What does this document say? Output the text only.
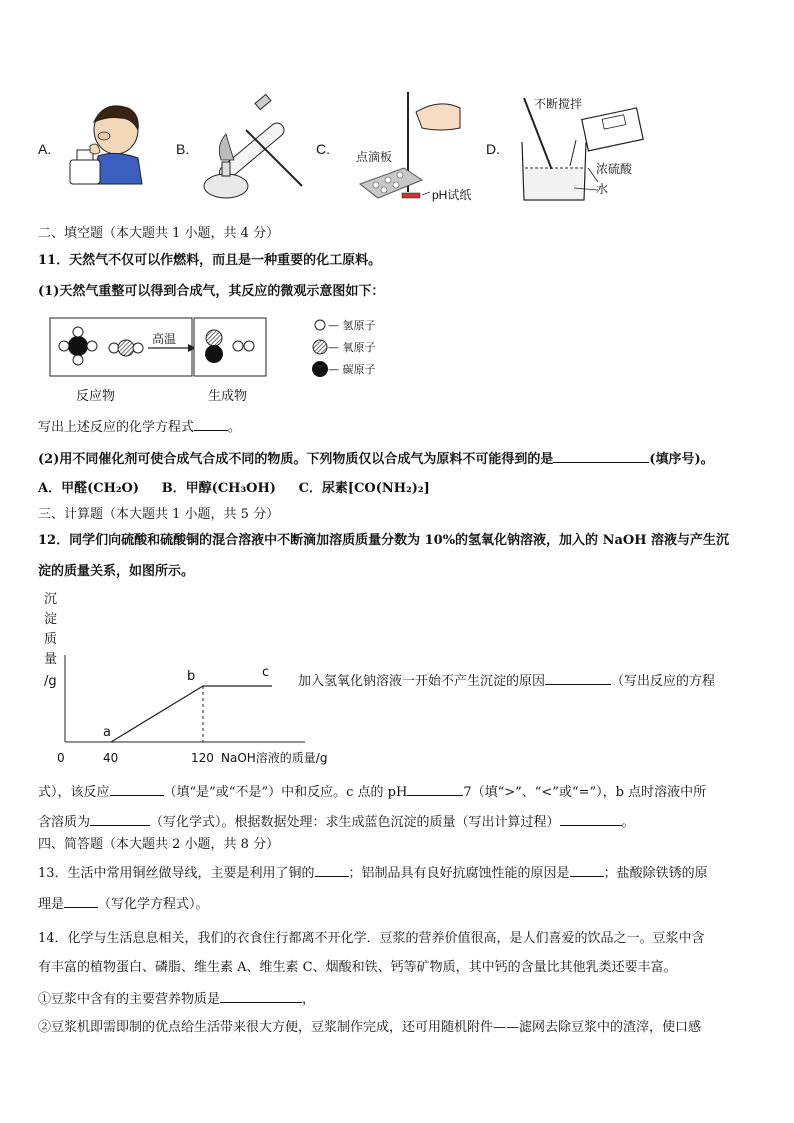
A.	B.	C. 点滴板
pH试纸
D.
不断搅拌
浓硫酸
水
二、填空题（本大题共 1 小题，共 4 分）
11．天然气不仅可以作燃料，而且是一种重要的化工原料。
(1)天然气重整可以得到合成气，其反应的微观示意图如下：
高温
— 氢原子
— 氧原子
— 碳原子
反应物	生成物
写出上述反应的化学方程式	。
(2)用不同催化剂可使合成气合成不同的物质。下列物质仅以合成气为原料不可能得到的是	(填序号)。
A．甲醛(CH₂O) B．甲醇(CH₃OH) C．尿素[CO(NH₂)₂]
三、计算题（本大题共 1 小题，共 5 分）
12．同学们向硫酸和硫酸铜的混合溶液中不断滴加溶质质量分数为 10%的氢氧化钠溶液，加入的 NaOH 溶液与产生沉
淀的质量关系，如图所示。
沉
淀
质
量
/g
0	40	120 NaOH溶液的质量/g
a
b	c
加入氢氧化钠溶液一开始不产生沉淀的原因	（写出反应的方程
式），该反应	（填“是”或“不是”）中和反应。c 点的 pH	7（填“>”、“<”或“=”），b 点时溶液中所
含溶质为	（写化学式）。根据数据处理：求生成蓝色沉淀的质量（写出计算过程）	。
四、简答题（本大题共 2 小题，共 8 分）
13．生活中常用铜丝做导线，主要是利用了铜的	；铝制品具有良好抗腐蚀性能的原因是	；盐酸除铁锈的原
理是	（写化学方程式）。
14．化学与生活息息相关，我们的衣食住行都离不开化学．豆浆的营养价值很高，是人们喜爱的饮品之一。豆浆中含
有丰富的植物蛋白、磷脂、维生素 A、维生素 C、烟酸和铁、钙等矿物质，其中钙的含量比其他乳类还要丰富。
①豆浆中含有的主要营养物质是	，
②豆浆机即需即制的优点给生活带来很大方便，豆浆制作完成，还可用随机附件——滤网去除豆浆中的渣滓，使口感
